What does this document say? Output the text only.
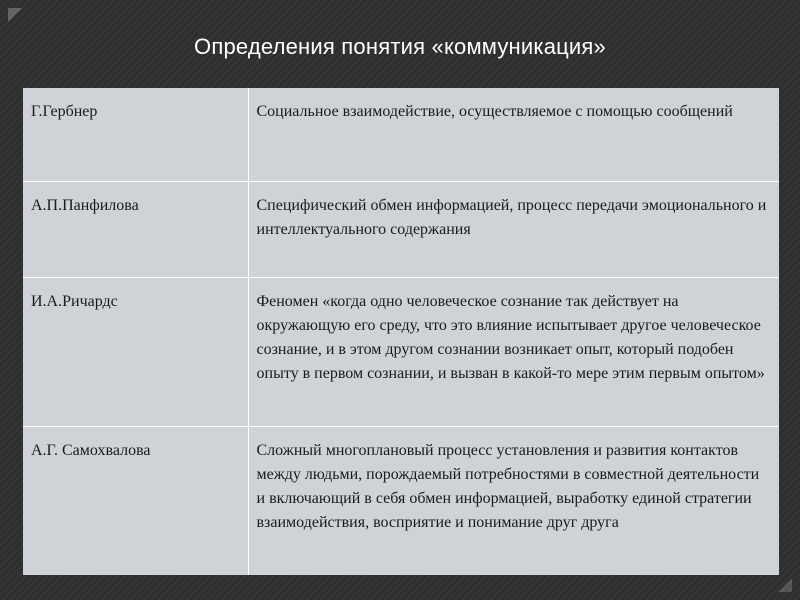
Определения понятия «коммуникация»
Г.Гербнер	Социальное взаимодействие, осуществляемое с помощью сообщений
А.П.Панфилова	Специфический обмен информацией, процесс передачи эмоционального и интеллектуального содержания
И.А.Ричардс	Феномен «когда одно человеческое сознание так действует на окружающую его среду, что это влияние испытывает другое человеческое сознание, и в этом другом сознании возникает опыт, который подобен опыту в первом сознании, и вызван в какой-то мере этим первым опытом»
А.Г. Самохвалова	Сложный многоплановый процесс установления и развития контактов между людьми, порождаемый потребностями в совместной деятельности и включающий в себя обмен информацией, выработку единой стратегии взаимодействия, восприятие и понимание друг друга
